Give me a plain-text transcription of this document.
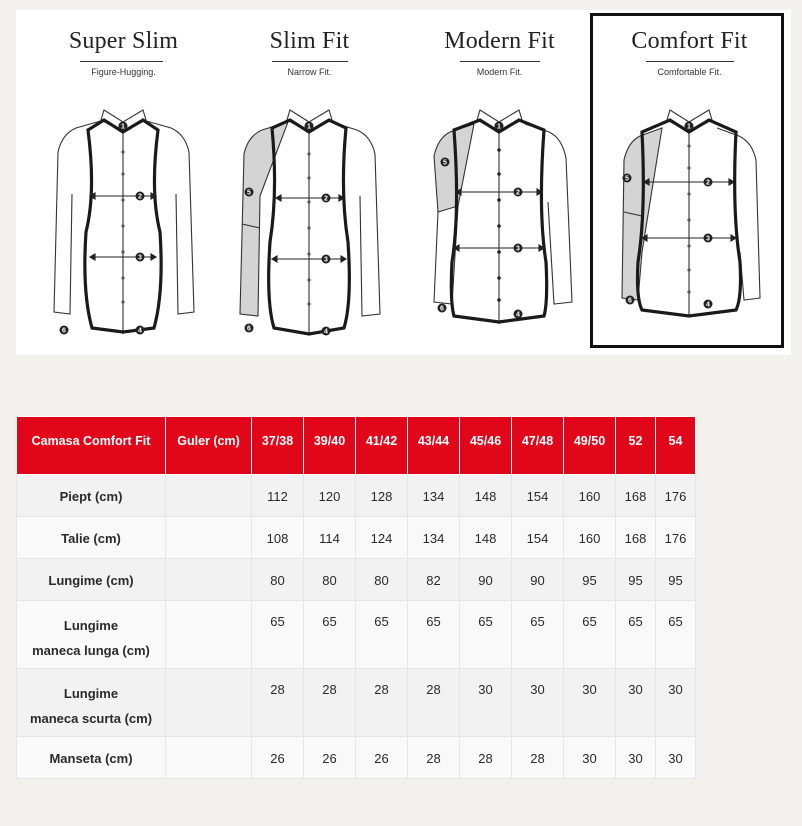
Super Slim
Figure-Hugging.
1
2
3
4
6
Slim Fit
Narrow Fit.
1
2
3
4
5
6
Modern Fit
Modern Fit.
1
2
3
4
5
6
Comfort Fit
Comfortable Fit.
1
2
3
4
5
6
Camasa Comfort Fit	Guler (cm)	37/38	39/40	41/42	43/44	45/46	47/48	49/50	52	54

Piept (cm)		112	120	128	134	148	154	160	168	176

Talie (cm)		108	114	124	134	148	154	160	168	176

Lungime (cm)		80	80	80	82	90	90	95	95	95

Lungime
maneca lunga (cm)		65	65	65	65	65	65	65	65	65

Lungime
maneca scurta (cm)		28	28	28	28	30	30	30	30	30

Manseta (cm)		26	26	26	28	28	28	30	30	30
